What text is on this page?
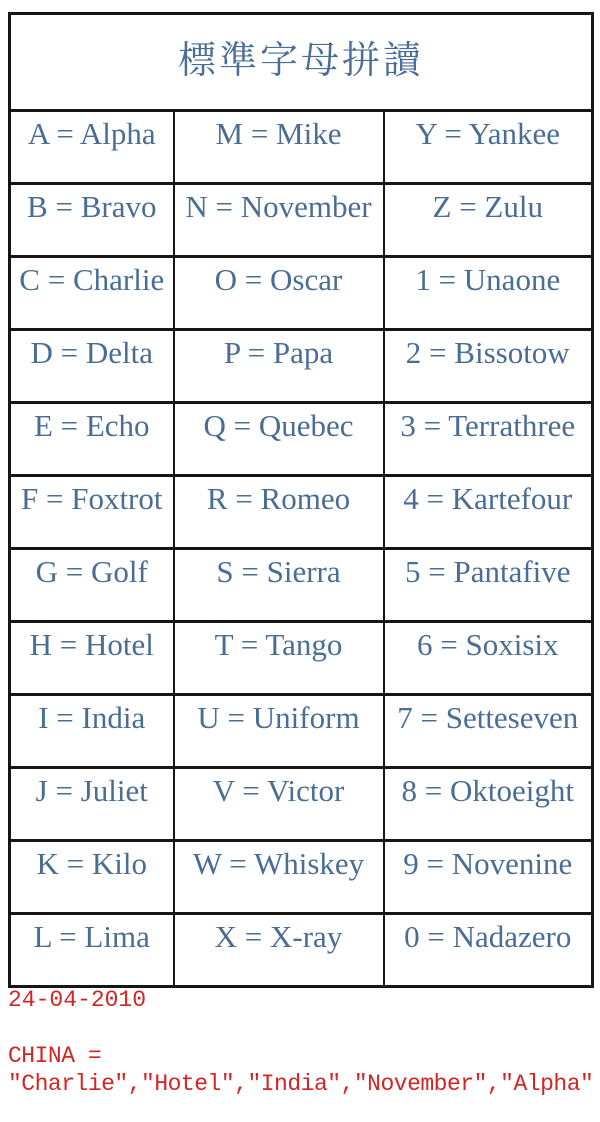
標準字母拼讀		
A = Alpha	M = Mike	Y = Yankee
B = Bravo	N = November	Z = Zulu
C = Charlie	O = Oscar	1 = Unaone
D = Delta	P = Papa	2 = Bissotow
E = Echo	Q = Quebec	3 = Terrathree
F = Foxtrot	R = Romeo	4 = Kartefour
G = Golf	S = Sierra	5 = Pantafive
H = Hotel	T = Tango	6 = Soxisix
I = India	U = Uniform	7 = Setteseven
J = Juliet	V = Victor	8 = Oktoeight
K = Kilo	W = Whiskey	9 = Novenine
L = Lima	X = X-ray	0 = Nadazero
24-04-2010
CHINA =
"Charlie","Hotel","India","November","Alpha"
